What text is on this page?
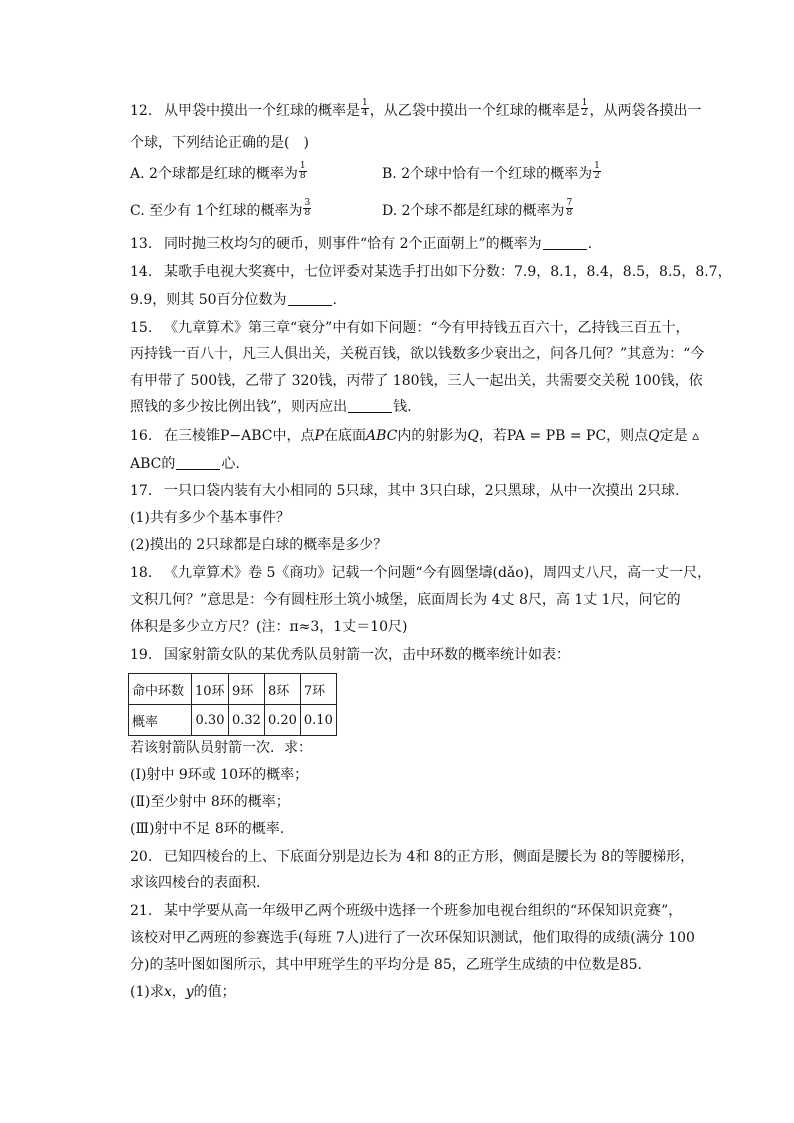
12. 从甲袋中摸出一个红球的概率是 $\frac{1}{4}$ ，从乙袋中摸出一个红球的概率是 $\frac{1}{2}$ ，从两袋各摸出一
个球，下列结论正确的是(　)
A. 2个球都是红球的概率为 $\frac{1}{8}$	B. 2个球中恰有一个红球的概率为 $\frac{1}{2}$
C. 至少有 1个红球的概率为 $\frac{3}{8}$	D. 2个球不都是红球的概率为 $\frac{7}{8}$
13. 同时抛三枚均匀的硬币，则事件“恰有 2个正面朝上”的概率为	.
14. 某歌手电视大奖赛中，七位评委对某选手打出如下分数：7.9，8.1，8.4，8.5，8.5，8.7，
9.9，则其 50百分位数为	.
15. 《九章算术》第三章“衰分”中有如下问题：“今有甲持钱五百六十，乙持钱三百五十，
丙持钱一百八十，凡三人俱出关，关税百钱，欲以钱数多少衰出之，问各几何？”其意为：“今
有甲带了 500钱，乙带了 320钱，丙带了 180钱，三人一起出关，共需要交关税 100钱，依
照钱的多少按比例出钱”，则丙应出	钱.
16. 在三棱锥P−ABC中，点P在底面ABC内的射影为Q，若PA = PB = PC，则点Q定是 ▵
ABC的	心.
17. 一只口袋内装有大小相同的 5只球，其中 3只白球，2只黑球，从中一次摸出 2只球.
(1)共有多少个基本事件？
(2)摸出的 2只球都是白球的概率是多少？
18. 《九章算术》卷 5《商功》记载一个问题“今有圆堡壔(dǎo)，周四丈八尺，高一丈一尺，
文积几何？”意思是：今有圆柱形土筑小城堡，底面周长为 4丈 8尺，高 1丈 1尺，问它的
体积是多少立方尺？(注：π≈3，1丈＝10尺)
19. 国家射箭女队的某优秀队员射箭一次，击中环数的概率统计如表：
命中环数	10环	9环	8环	7环
概率	0.30	0.32	0.20	0.10
若该射箭队员射箭一次．求：
(Ⅰ)射中 9环或 10环的概率；
(Ⅱ)至少射中 8环的概率；
(Ⅲ)射中不足 8环的概率.
20. 已知四棱台的上、下底面分别是边长为 4和 8的正方形，侧面是腰长为 8的等腰梯形，
求该四棱台的表面积.
21. 某中学要从高一年级甲乙两个班级中选择一个班参加电视台组织的“环保知识竞赛”，
该校对甲乙两班的参赛选手(每班 7人)进行了一次环保知识测试，他们取得的成绩(满分 100
分)的茎叶图如图所示，其中甲班学生的平均分是 85，乙班学生成绩的中位数是85.
(1)求x，y的值；
